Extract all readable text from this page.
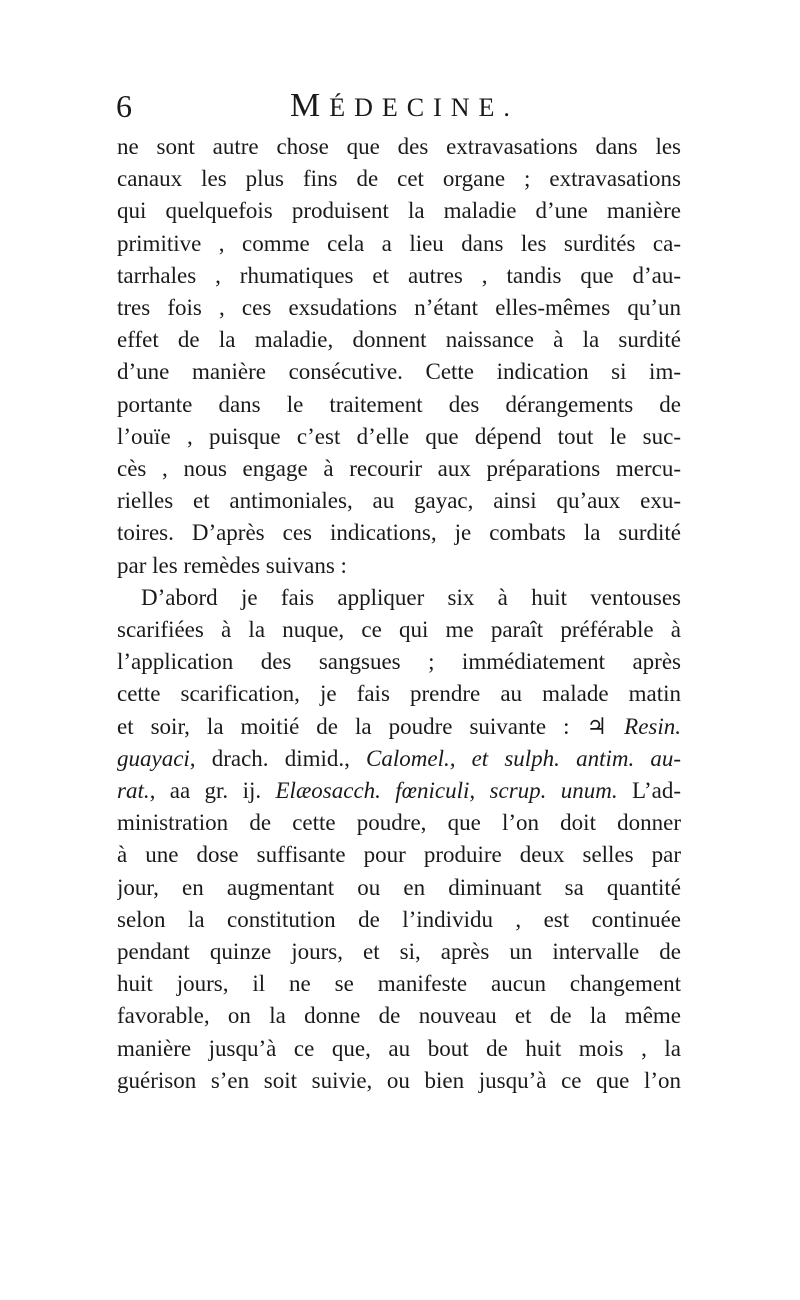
6	MÉDECINE.

ne sont autre chose que des extravasations dans les
canaux les plus fins de cet organe ; extravasations
qui quelquefois produisent la maladie d’une manière
primitive , comme cela a lieu dans les surdités ca-
tarrhales , rhumatiques et autres , tandis que d’au-
tres fois , ces exsudations n’étant elles-mêmes qu’un
effet de la maladie, donnent naissance à la surdité
d’une manière consécutive. Cette indication si im-
portante dans le traitement des dérangements de
l’ouïe , puisque c’est d’elle que dépend tout le suc-
cès , nous engage à recourir aux préparations mercu-
rielles et antimoniales, au gayac, ainsi qu’aux exu-
toires. D’après ces indications, je combats la surdité
par les remèdes suivans :

D’abord je fais appliquer six à huit ventouses
scarifiées à la nuque, ce qui me paraît préférable à
l’application des sangsues ; immédiatement après
cette scarification, je fais prendre au malade matin
et soir, la moitié de la poudre suivante : ♃ Resin.
guayaci, drach. dimid., Calomel., et sulph. antim. au-
rat., aa gr. ij. Elæosacch. fœniculi, scrup. unum. L’ad-
ministration de cette poudre, que l’on doit donner
à une dose suffisante pour produire deux selles par
jour, en augmentant ou en diminuant sa quantité
selon la constitution de l’individu , est continuée
pendant quinze jours, et si, après un intervalle de
huit jours, il ne se manifeste aucun changement
favorable, on la donne de nouveau et de la même
manière jusqu’à ce que, au bout de huit mois , la
guérison s’en soit suivie, ou bien jusqu’à ce que l’on
